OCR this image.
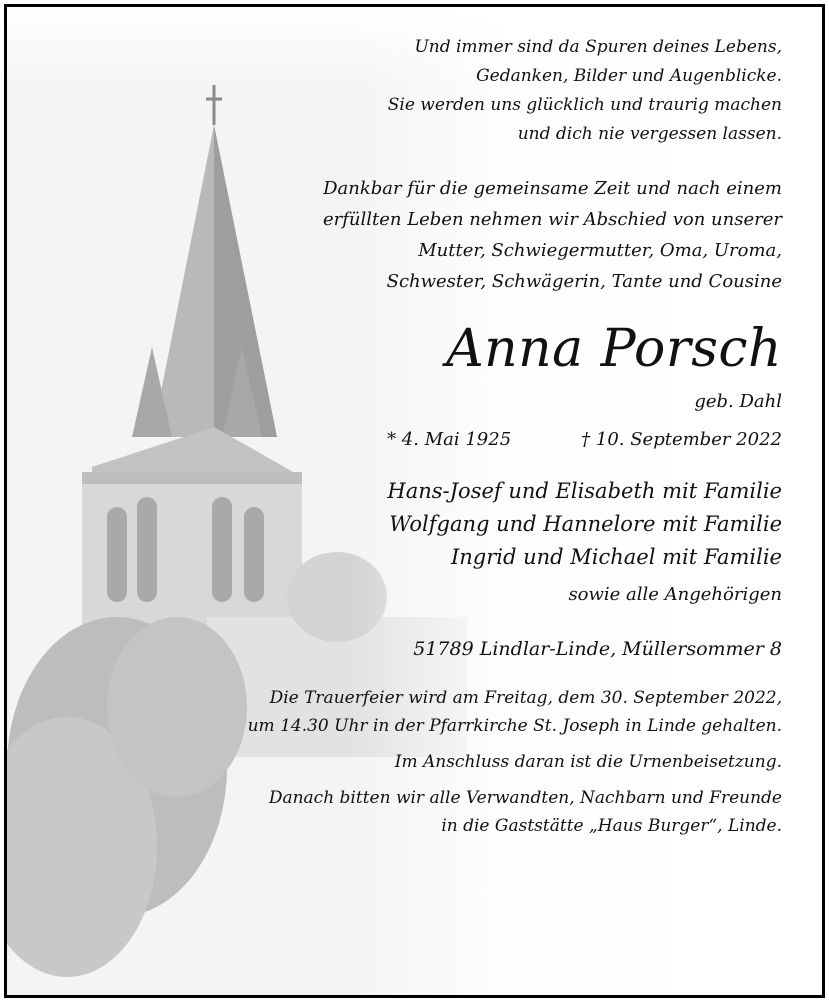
Und immer sind da Spuren deines Lebens,
Gedanken, Bilder und Augenblicke.
Sie werden uns glücklich und traurig machen
und dich nie vergessen lassen.
Dankbar für die gemeinsame Zeit und nach einem
erfüllten Leben nehmen wir Abschied von unserer
Mutter, Schwiegermutter, Oma, Uroma,
Schwester, Schwägerin, Tante und Cousine
Anna Porsch
geb. Dahl
* 4. Mai 1925	† 10. September 2022
Hans-Josef und Elisabeth mit Familie
Wolfgang und Hannelore mit Familie
Ingrid und Michael mit Familie
sowie alle Angehörigen
51789 Lindlar-Linde, Müllersommer 8
Die Trauerfeier wird am Freitag, dem 30. September 2022,
um 14.30 Uhr in der Pfarrkirche St. Joseph in Linde gehalten.
Im Anschluss daran ist die Urnenbeisetzung.
Danach bitten wir alle Verwandten, Nachbarn und Freunde
in die Gaststätte „Haus Burger“, Linde.
